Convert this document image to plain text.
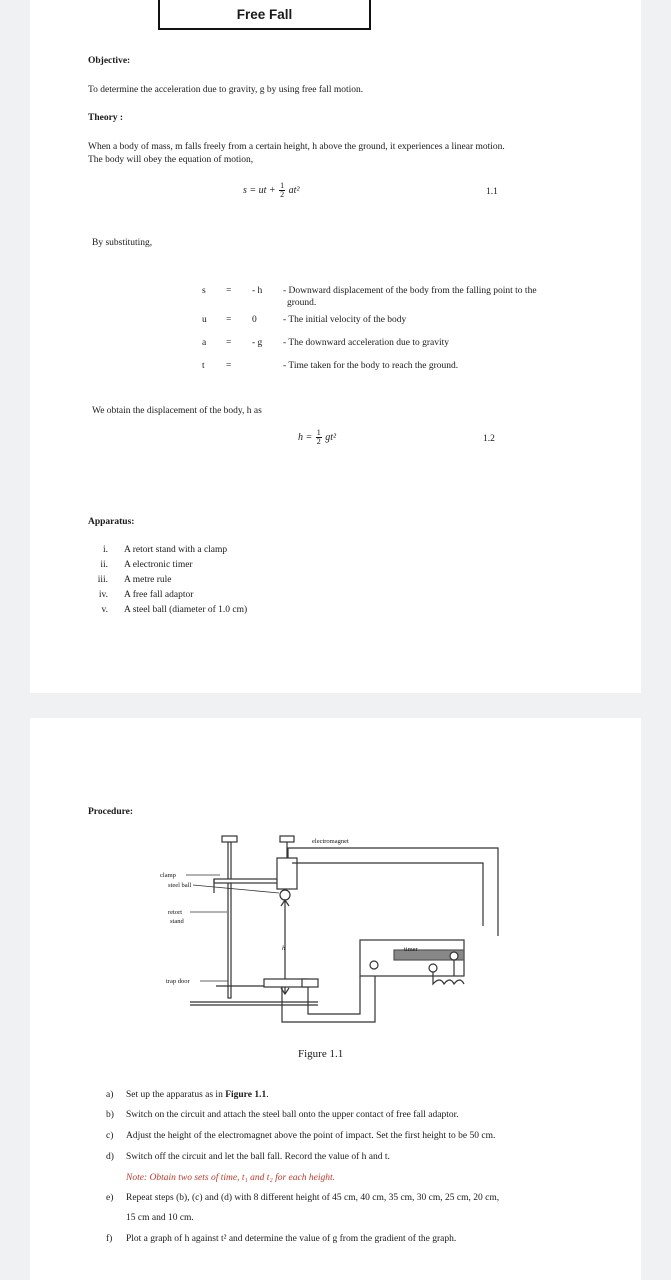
Free Fall
Objective:
To determine the acceleration due to gravity, g by using free fall motion.
Theory :
When a body of mass, m falls freely from a certain height, h above the ground, it experiences a linear motion.
The body will obey the equation of motion,
s = ut + $\frac{1}{2} at^2$	1.1
By substituting,
s = - h - Downward displacement of the body from the falling point to the
ground.
u = 0	- The initial velocity of the body
a = - g - The downward acceleration due to gravity
t =	- Time taken for the body to reach the ground.
We obtain the displacement of the body, h as
$h = \frac{1}{2} gt^2$	1.2
Apparatus:
i. A retort stand with a clamp
ii. A electronic timer
iii. A metre rule
iv. A free fall adaptor
v. A steel ball (diameter of 1.0 cm)
Procedure:
electromagnet
clamp
steel ball
retort
stand
h	timer
trap door
Figure 1.1
a) Set up the apparatus as in Figure 1.1.
b) Switch on the circuit and attach the steel ball onto the upper contact of free fall adaptor.
c) Adjust the height of the electromagnet above the point of impact. Set the first height to be 50 cm.
d) Switch off the circuit and let the ball fall. Record the value of h and t.
Note: Obtain two sets of time, t₁ and t₂ for each height.
e) Repeat steps (b), (c) and (d) with 8 different height of 45 cm, 40 cm, 35 cm, 30 cm, 25 cm, 20 cm,
15 cm and 10 cm.
f) Plot a graph of h against t² and determine the value of g from the gradient of the graph.
